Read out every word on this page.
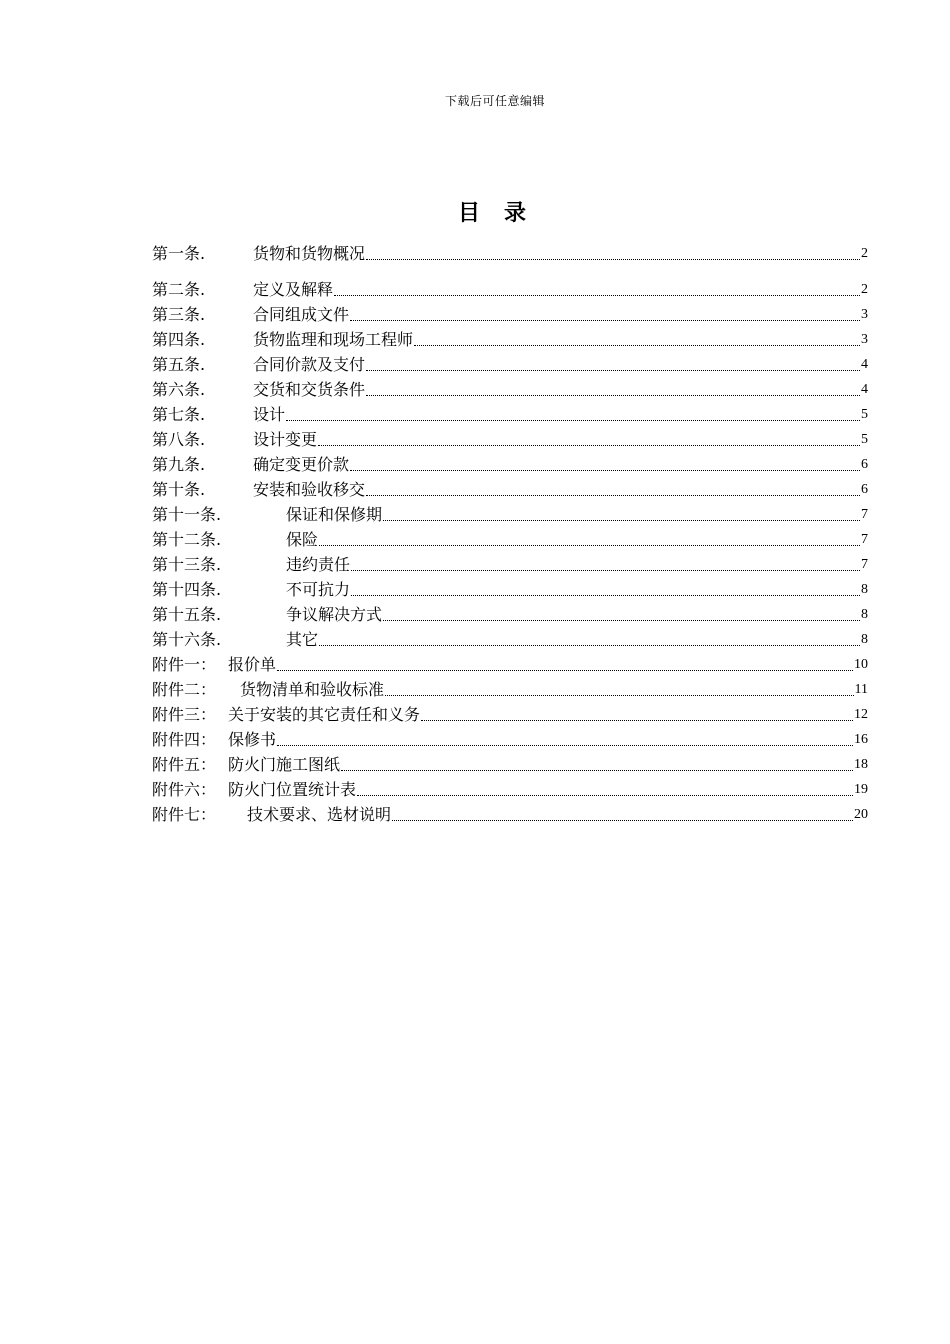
下载后可任意编辑
目录
第一条.	货物和货物概况	2
第二条.	定义及解释	2
第三条.	合同组成文件	3
第四条.	货物监理和现场工程师	3
第五条.	合同价款及支付	4
第六条.	交货和交货条件	4
第七条.	设计	5
第八条.	设计变更	5
第九条.	确定变更价款	6
第十条.	安装和验收移交	6
第十一条.	保证和保修期	7
第十二条.	保险	7
第十三条.	违约责任	7
第十四条.	不可抗力	8
第十五条.	争议解决方式	8
第十六条.	其它	8
附件一： 报价单	10
附件二：	货物清单和验收标准	11
附件三： 关于安装的其它责任和义务	12
附件四： 保修书	16
附件五： 防火门施工图纸	18
附件六： 防火门位置统计表	19
附件七：	技术要求、选材说明	20
